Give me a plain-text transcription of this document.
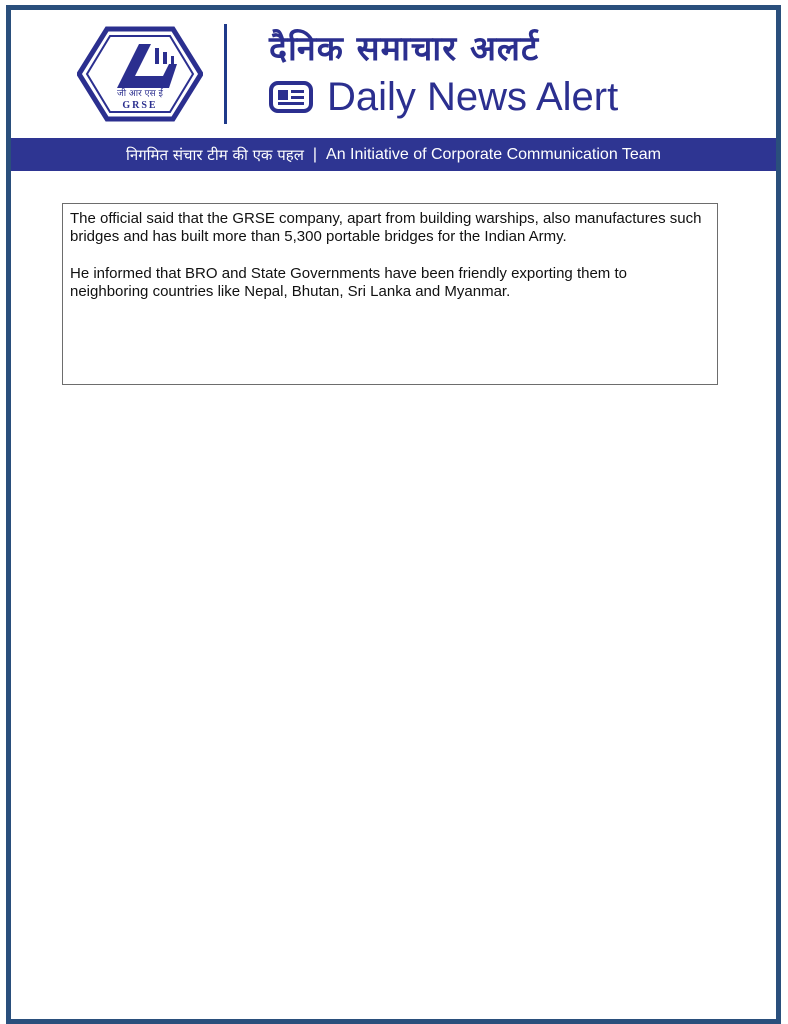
जी आर एस ई
GRSE
दैनिक समाचार अलर्ट
Daily News Alert
निगमित संचार टीम की एक पहल | An Initiative of Corporate Communication Team

The official said that the GRSE company, apart from building warships, also manufactures such bridges and has built more than 5,300 portable bridges for the Indian Army.

He informed that BRO and State Governments have been friendly exporting them to neighboring countries like Nepal, Bhutan, Sri Lanka and Myanmar.
